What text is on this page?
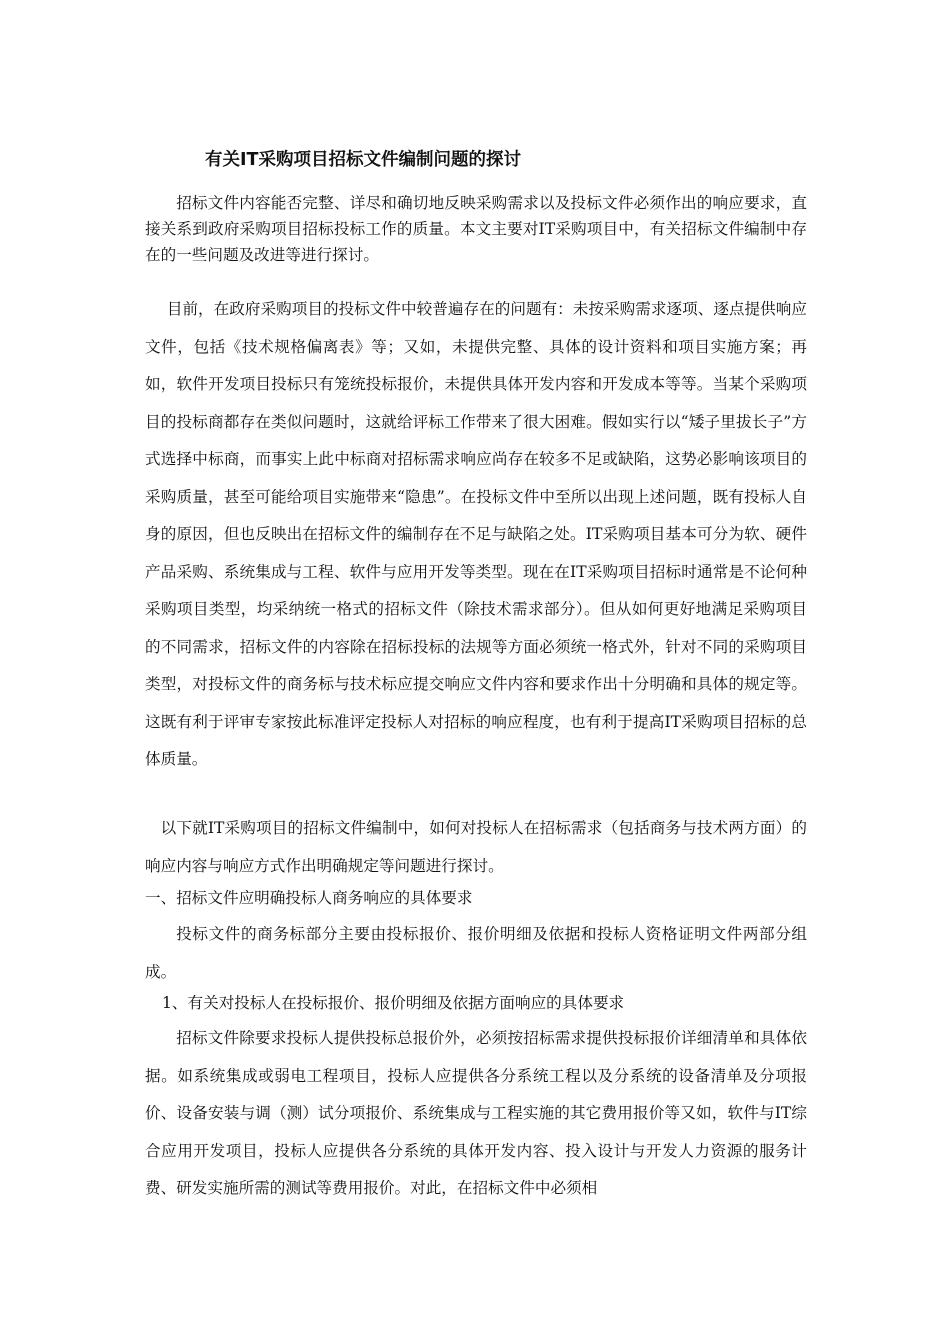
有关IT采购项目招标文件编制问题的探讨

招标文件内容能否完整、详尽和确切地反映采购需求以及投标文件必须作出的响应要求，直接关系到政府采购项目招标投标工作的质量。本文主要对IT采购项目中，有关招标文件编制中存在的一些问题及改进等进行探讨。

目前，在政府采购项目的投标文件中较普遍存在的问题有：未按采购需求逐项、逐点提供响应文件，包括《技术规格偏离表》等；又如，未提供完整、具体的设计资料和项目实施方案；再如，软件开发项目投标只有笼统投标报价，未提供具体开发内容和开发成本等等。当某个采购项目的投标商都存在类似问题时，这就给评标工作带来了很大困难。假如实行以“矮子里拔长子”方式选择中标商，而事实上此中标商对招标需求响应尚存在较多不足或缺陷，这势必影响该项目的采购质量，甚至可能给项目实施带来“隐患”。在投标文件中至所以出现上述问题，既有投标人自身的原因，但也反映出在招标文件的编制存在不足与缺陷之处。IT采购项目基本可分为软、硬件产品采购、系统集成与工程、软件与应用开发等类型。现在在IT采购项目招标时通常是不论何种采购项目类型，均采纳统一格式的招标文件（除技术需求部分）。但从如何更好地满足采购项目的不同需求，招标文件的内容除在招标投标的法规等方面必须统一格式外，针对不同的采购项目类型，对投标文件的商务标与技术标应提交响应文件内容和要求作出十分明确和具体的规定等。这既有利于评审专家按此标准评定投标人对招标的响应程度，也有利于提高IT采购项目招标的总体质量。

以下就IT采购项目的招标文件编制中，如何对投标人在招标需求（包括商务与技术两方面）的响应内容与响应方式作出明确规定等问题进行探讨。

一、招标文件应明确投标人商务响应的具体要求

投标文件的商务标部分主要由投标报价、报价明细及依据和投标人资格证明文件两部分组成。

1、有关对投标人在投标报价、报价明细及依据方面响应的具体要求

招标文件除要求投标人提供投标总报价外，必须按招标需求提供投标报价详细清单和具体依据。如系统集成或弱电工程项目，投标人应提供各分系统工程以及分系统的设备清单及分项报价、设备安装与调（测）试分项报价、系统集成与工程实施的其它费用报价等又如，软件与IT综合应用开发项目，投标人应提供各分系统的具体开发内容、投入设计与开发人力资源的服务计费、研发实施所需的测试等费用报价。对此，在招标文件中必须相
